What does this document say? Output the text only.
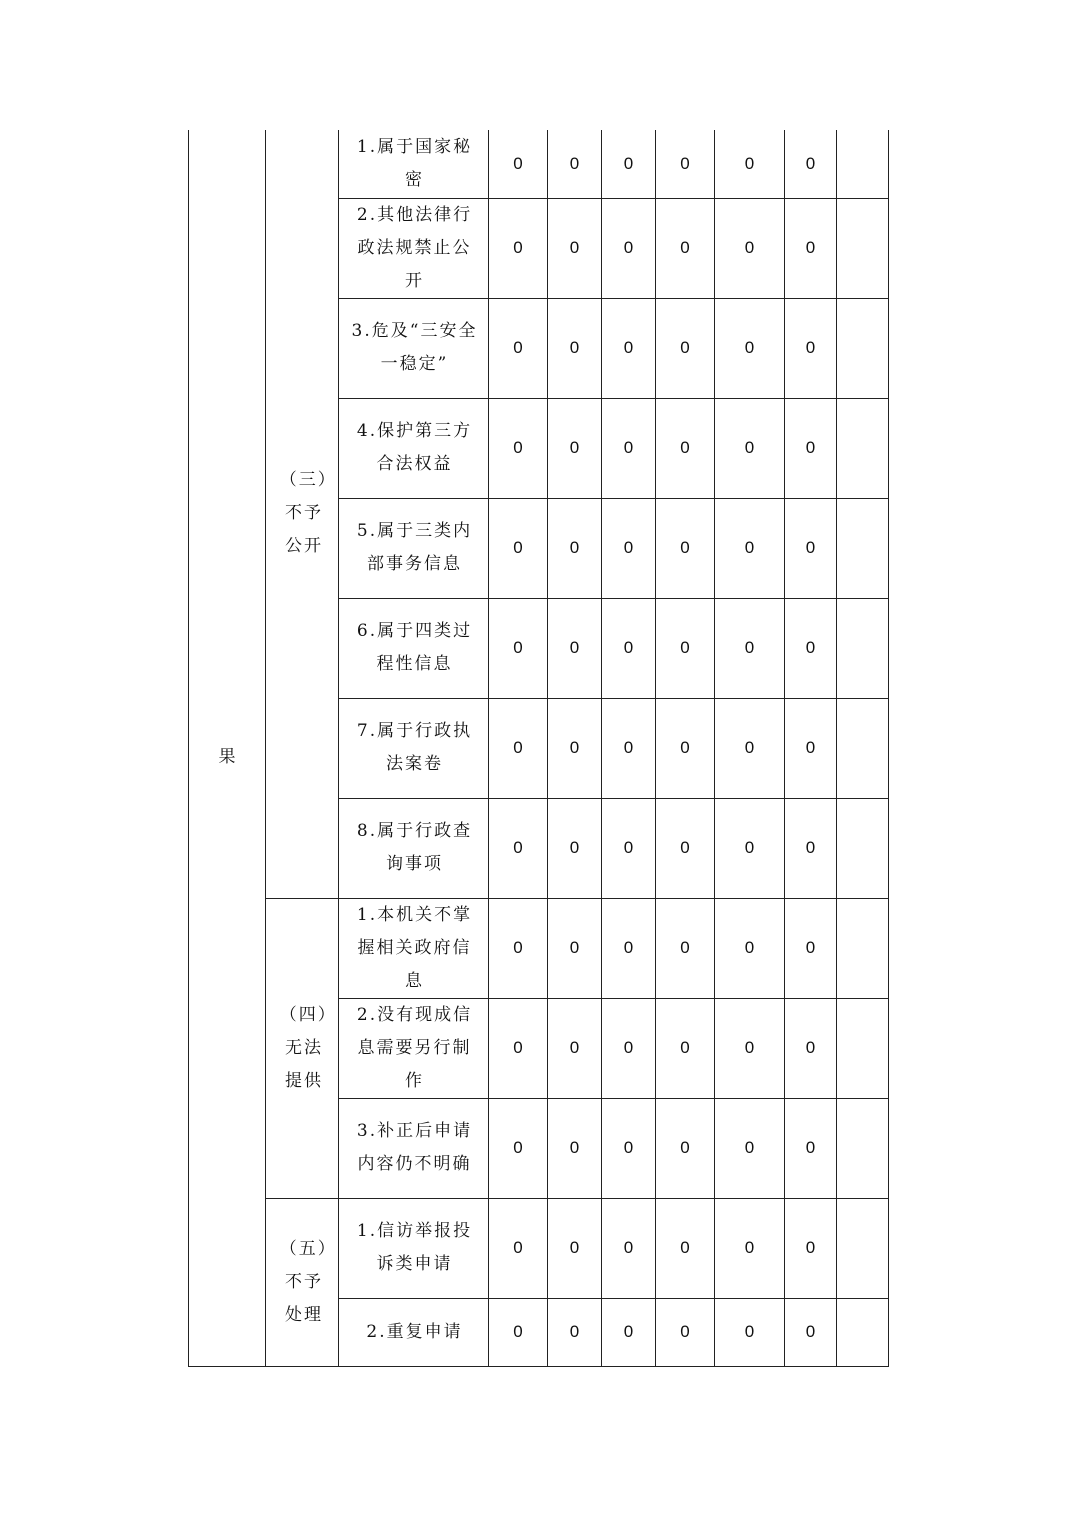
果	（三）不予公开	1.属于国家秘密	0	0	0	0	0	0	
		2.其他法律行政法规禁止公开	0	0	0	0	0	0	
		3.危及“三安全一稳定”	0	0	0	0	0	0	
		4.保护第三方合法权益	0	0	0	0	0	0	
		5.属于三类内部事务信息	0	0	0	0	0	0	
		6.属于四类过程性信息	0	0	0	0	0	0	
		7.属于行政执法案卷	0	0	0	0	0	0	
		8.属于行政查询事项	0	0	0	0	0	0	
	（四）无法提供	1.本机关不掌握相关政府信息	0	0	0	0	0	0	
		2.没有现成信息需要另行制作	0	0	0	0	0	0	
		3.补正后申请内容仍不明确	0	0	0	0	0	0	
	（五）不予处理	1.信访举报投诉类申请	0	0	0	0	0	0	
		2.重复申请	0	0	0	0	0	0	
